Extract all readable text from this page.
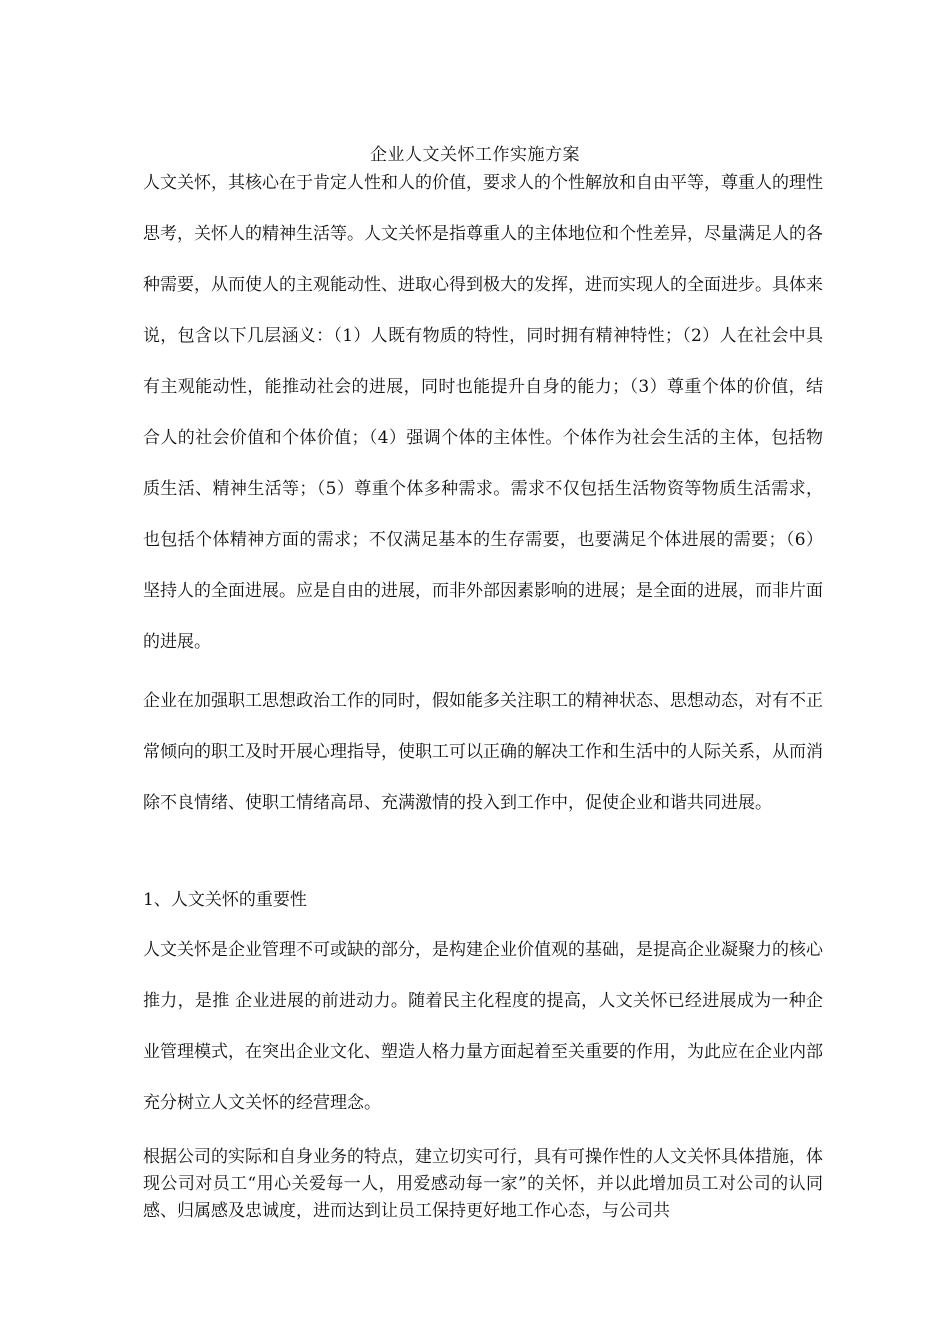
企业人文关怀工作实施方案
人文关怀，其核心在于肯定人性和人的价值，要求人的个性解放和自由平等，尊重人的理性思考，关怀人的精神生活等。人文关怀是指尊重人的主体地位和个性差异，尽量满足人的各种需要，从而使人的主观能动性、进取心得到极大的发挥，进而实现人的全面进步。具体来说，包含以下几层涵义：（1）人既有物质的特性，同时拥有精神特性；（2）人在社会中具有主观能动性，能推动社会的进展，同时也能提升自身的能力；（3）尊重个体的价值，结合人的社会价值和个体价值；（4）强调个体的主体性。个体作为社会生活的主体，包括物质生活、精神生活等；（5）尊重个体多种需求。需求不仅包括生活物资等物质生活需求，也包括个体精神方面的需求；不仅满足基本的生存需要，也要满足个体进展的需要；（6）坚持人的全面进展。应是自由的进展，而非外部因素影响的进展；是全面的进展，而非片面的进展。
企业在加强职工思想政治工作的同时，假如能多关注职工的精神状态、思想动态，对有不正常倾向的职工及时开展心理指导，使职工可以正确的解决工作和生活中的人际关系，从而消除不良情绪、使职工情绪高昂、充满激情的投入到工作中，促使企业和谐共同进展。
1、人文关怀的重要性
人文关怀是企业管理不可或缺的部分，是构建企业价值观的基础，是提高企业凝聚力的核心推力，是推 企业进展的前进动力。随着民主化程度的提高，人文关怀已经进展成为一种企业管理模式，在突出企业文化、塑造人格力量方面起着至关重要的作用，为此应在企业内部充分树立人文关怀的经营理念。
根据公司的实际和自身业务的特点，建立切实可行，具有可操作性的人文关怀具体措施，体现公司对员工“用心关爱每一人，用爱感动每一家”的关怀，并以此增加员工对公司的认同感、归属感及忠诚度，进而达到让员工保持更好地工作心态，与公司共
